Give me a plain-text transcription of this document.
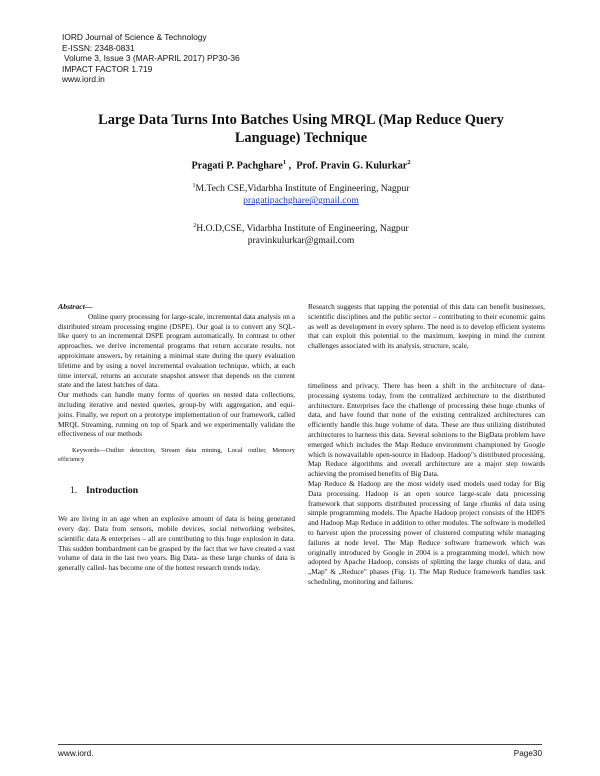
IORD Journal of Science & Technology
E-ISSN: 2348-0831
Volume 3, Issue 3 (MAR-APRIL 2017) PP30-36
IMPACT FACTOR 1.719
www.iord.in
Large Data Turns Into Batches Using MRQL (Map Reduce Query
Language) Technique
Pragati P. Pachghare$^1$ ,  Prof. Pravin G. Kulurkar$^2$
$^1$M.Tech CSE,Vidarbha Institute of Engineering, Nagpur
pragatipachghare@gmail.com
$^2$H.O.D,CSE, Vidarbha Institute of Engineering, Nagpur
pravinkulurkar@gmail.com

Abstract—

Online query processing for large-scale, incremental data analysis on a distributed stream processing engine (DSPE). Our goal is to convert any SQL-like query to an incremental DSPE program automatically. In contrast to other approaches, we derive incremental programs that return accurate results, not approximate answers, by retaining a minimal state during the query evaluation lifetime and by using a novel incremental evaluation technique, which, at each time interval, returns an accurate snapshot answer that depends on the current state and the latest batches of data.

Our methods can handle many forms of queries on nested data collections, including iterative and nested queries, group-by with aggregation, and equi-joins. Finally, we report on a prototype implementation of our framework, called MRQL Streaming, running on top of Spark and we experimentally validate the effectiveness of our methods

Keywords—Outlier detection, Stream data mining, Local outlier, Memory efficiency

1. Introduction

We are living in an age when an explosive amount of data is being generated every day. Data from sensors, mobile devices, social networking websites, scientific data & enterprises – all are contributing to this huge explosion in data. This sudden bombardment can be grasped by the fact that we have created a vast volume of data in the last two years. Big Data- as these large chunks of data is generally called- has become one of the hottest research trends today.

Research suggests that tapping the potential of this data can benefit businesses, scientific disciplines and the public sector – contributing to their economic gains as well as development in every sphere. The need is to develop efficient systems that can exploit this potential to the maximum, keeping in mind the current challenges associated with its analysis, structure, scale,

timeliness and privacy. There has been a shift in the architecture of data-processing systems today, from the centralized architecture to the distributed architecture. Enterprises face the challenge of processing these huge chunks of data, and have found that none of the existing centralized architectures can efficiently handle this huge volume of data. These are thus utilizing distributed architectures to harness this data. Several solutions to the BigData problem have emerged which includes the Map Reduce environment championed by Google which is nowavailable open-source in Hadoop. Hadoop"s distributed processing, Map Reduce algorithms and overall architecture are a major step towards achieving the promised benefits of Big Data.

Map Reduce & Hadoop are the most widely used models used today for Big Data processing. Hadoop is an open source large-scale data processing framework that supports distributed processing of large chunks of data using simple programming models. The Apache Hadoop project consists of the HDFS and Hadoop Map Reduce in addition to other modules. The software is modelled to harvest upon the processing power of clustered computing while managing failures at node level. The Map Reduce software framework which was originally introduced by Google in 2004 is a programming model, which now adopted by Apache Hadoop, consists of splitting the large chunks of data, and „Map" & „Reduce" phases (Fig. 1). The Map Reduce framework handles task scheduling, monitoring and failures.

www.iord.	Page30
